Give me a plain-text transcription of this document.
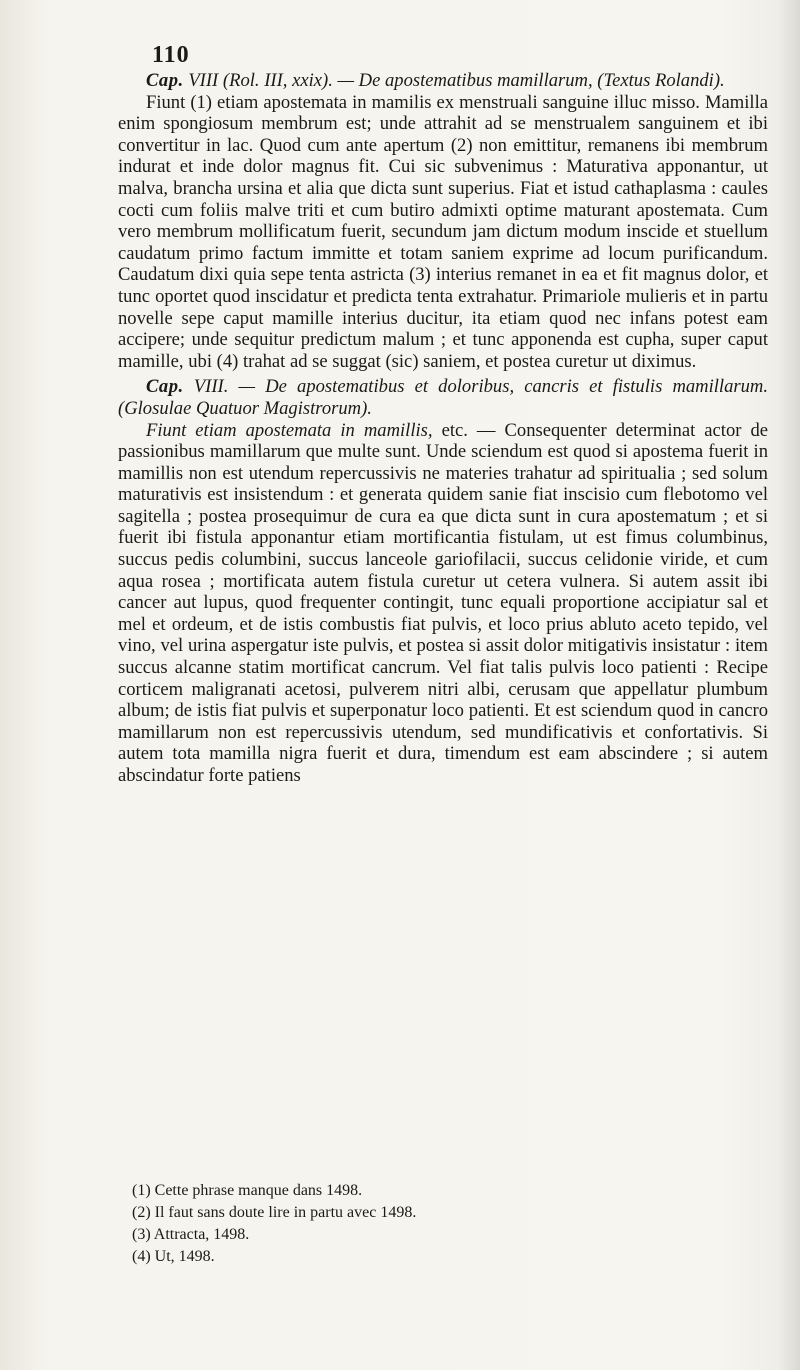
110

Cap. VIII (Rol. III, xxix). — De apostematibus mamillarum, (Textus Rolandi).

Fiunt (1) etiam apostemata in mamilis ex menstruali sanguine illuc misso. Mamilla enim spongiosum membrum est; unde attrahit ad se menstrualem sanguinem et ibi convertitur in lac. Quod cum ante apertum (2) non emittitur, remanens ibi membrum indurat et inde dolor magnus fit. Cui sic subvenimus : Maturativa apponantur, ut malva, brancha ursina et alia que dicta sunt superius. Fiat et istud cathaplasma : caules cocti cum foliis malve triti et cum butiro admixti optime maturant apostemata. Cum vero membrum mollificatum fuerit, secundum jam dictum modum inscide et stuellum caudatum primo factum immitte et totam saniem exprime ad locum purificandum. Caudatum dixi quia sepe tenta astricta (3) interius remanet in ea et fit magnus dolor, et tunc oportet quod inscidatur et predicta tenta extrahatur. Primariole mulieris et in partu novelle sepe caput mamille interius ducitur, ita etiam quod nec infans potest eam accipere; unde sequitur predictum malum ; et tunc apponenda est cupha, super caput mamille, ubi (4) trahat ad se suggat (sic) saniem, et postea curetur ut diximus.

Cap. VIII. — De apostematibus et doloribus, cancris et fistulis mamillarum. (Glosulae Quatuor Magistrorum).

Fiunt etiam apostemata in mamillis, etc. — Consequenter determinat actor de passionibus mamillarum que multe sunt. Unde sciendum est quod si apostema fuerit in mamillis non est utendum repercussivis ne materies trahatur ad spiritualia ; sed solum maturativis est insistendum : et generata quidem sanie fiat inscisio cum flebotomo vel sagitella ; postea prosequimur de cura ea que dicta sunt in cura apostematum ; et si fuerit ibi fistula apponantur etiam mortificantia fistulam, ut est fimus columbinus, succus pedis columbini, succus lanceole gariofilacii, succus celidonie viride, et cum aqua rosea ; mortificata autem fistula curetur ut cetera vulnera. Si autem assit ibi cancer aut lupus, quod frequenter contingit, tunc equali proportione accipiatur sal et mel et ordeum, et de istis combustis fiat pulvis, et loco prius abluto aceto tepido, vel vino, vel urina aspergatur iste pulvis, et postea si assit dolor mitigativis insistatur : item succus alcanne statim mortificat cancrum. Vel fiat talis pulvis loco patienti : Recipe corticem maligranati acetosi, pulverem nitri albi, cerusam que appellatur plumbum album; de istis fiat pulvis et superponatur loco patienti. Et est sciendum quod in cancro mamillarum non est repercussivis utendum, sed mundificativis et confortativis. Si autem tota mamilla nigra fuerit et dura, timendum est eam abscindere ; si autem abscindatur forte patiens

(1) Cette phrase manque dans 1498.

(2) Il faut sans doute lire in partu avec 1498.

(3) Attracta, 1498.

(4) Ut, 1498.
